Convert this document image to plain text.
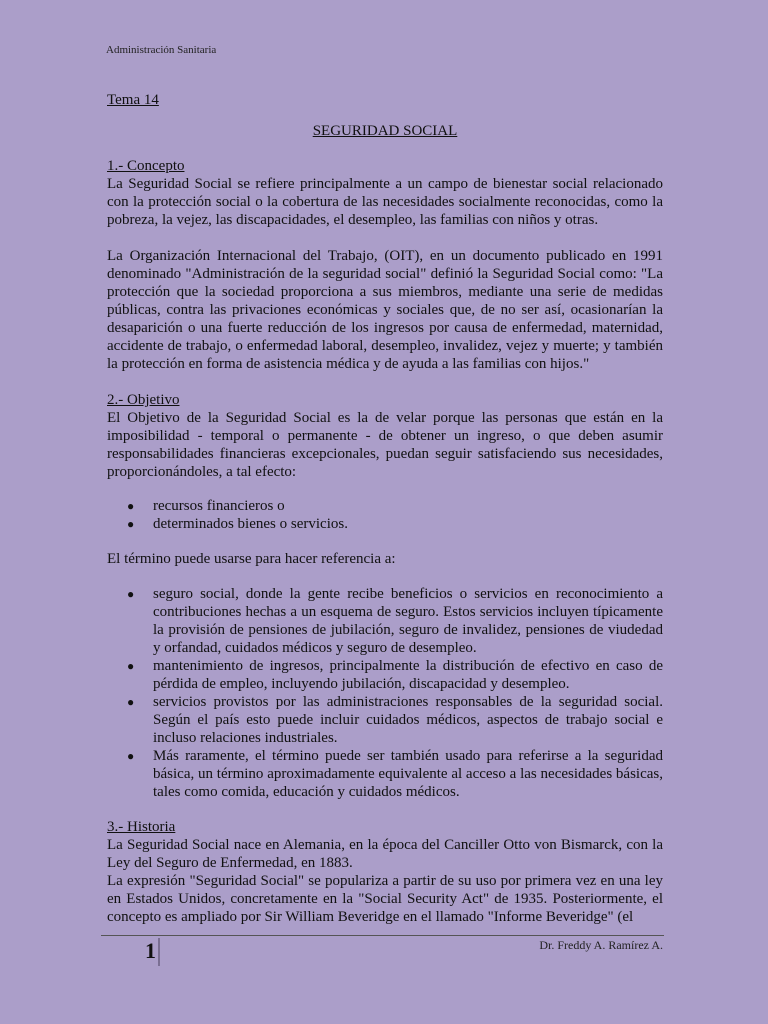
Administración Sanitaria
Tema 14
SEGURIDAD SOCIAL
1.- Concepto

La Seguridad Social se refiere principalmente a un campo de bienestar social relacionado con la protección social o la cobertura de las necesidades socialmente reconocidas, como la pobreza, la vejez, las discapacidades, el desempleo, las familias con niños y otras.

La Organización Internacional del Trabajo, (OIT), en un documento publicado en 1991 denominado "Administración de la seguridad social" definió la Seguridad Social como: "La protección que la sociedad proporciona a sus miembros, mediante una serie de medidas públicas, contra las privaciones económicas y sociales que, de no ser así, ocasionarían la desaparición o una fuerte reducción de los ingresos por causa de enfermedad, maternidad, accidente de trabajo, o enfermedad laboral, desempleo, invalidez, vejez y muerte; y también la protección en forma de asistencia médica y de ayuda a las familias con hijos."

2.- Objetivo

El Objetivo de la Seguridad Social es la de velar porque las personas que están en la imposibilidad - temporal o permanente - de obtener un ingreso, o que deben asumir responsabilidades financieras excepcionales, puedan seguir satisfaciendo sus necesidades, proporcionándoles, a tal efecto:

● recursos financieros o
● determinados bienes o servicios.

El término puede usarse para hacer referencia a:

● seguro social, donde la gente recibe beneficios o servicios en reconocimiento a contribuciones hechas a un esquema de seguro. Estos servicios incluyen típicamente la provisión de pensiones de jubilación, seguro de invalidez, pensiones de viudedad y orfandad, cuidados médicos y seguro de desempleo.
● mantenimiento de ingresos, principalmente la distribución de efectivo en caso de pérdida de empleo, incluyendo jubilación, discapacidad y desempleo.
● servicios provistos por las administraciones responsables de la seguridad social. Según el país esto puede incluir cuidados médicos, aspectos de trabajo social e incluso relaciones industriales.
● Más raramente, el término puede ser también usado para referirse a la seguridad básica, un término aproximadamente equivalente al acceso a las necesidades básicas, tales como comida, educación y cuidados médicos.
3.- Historia

La Seguridad Social nace en Alemania, en la época del Canciller Otto von Bismarck, con la Ley del Seguro de Enfermedad, en 1883.

La expresión "Seguridad Social" se populariza a partir de su uso por primera vez en una ley en Estados Unidos, concretamente en la "Social Security Act" de 1935. Posteriormente, el concepto es ampliado por Sir William Beveridge en el llamado "Informe Beveridge" (el

1	Dr. Freddy A. Ramírez A.
